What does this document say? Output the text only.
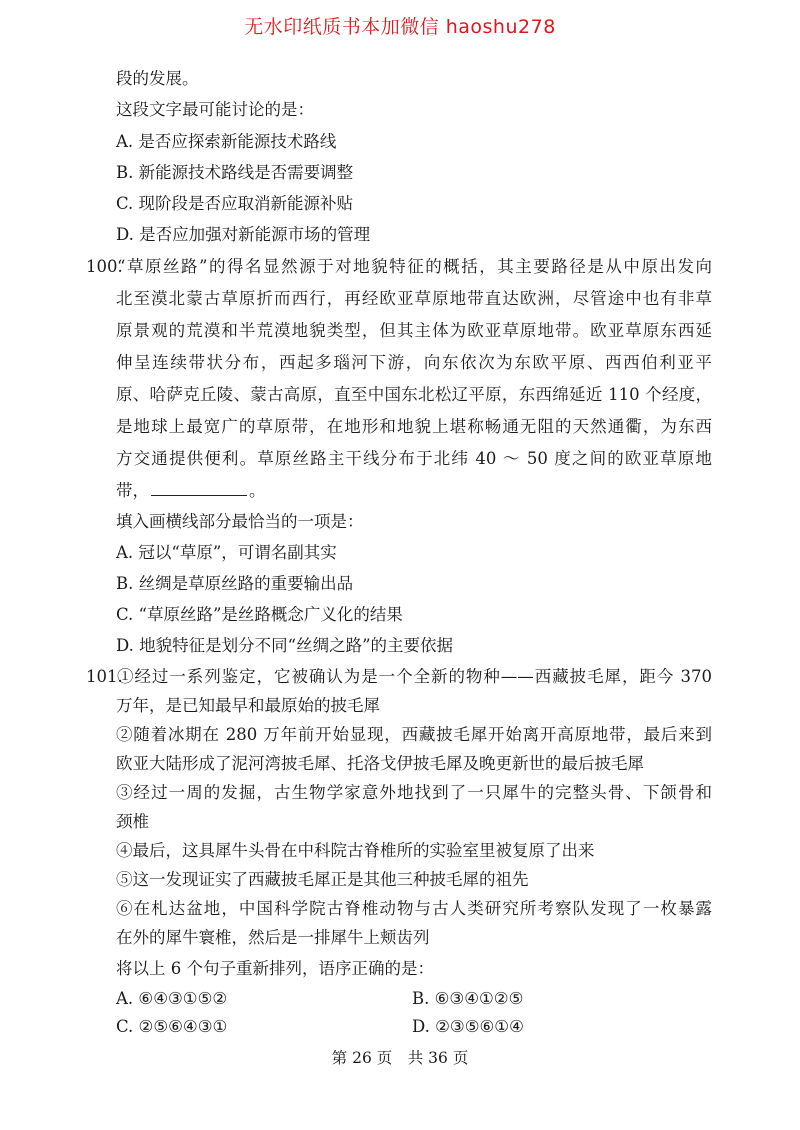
无水印纸质书本加微信 haoshu278
段的发展。
这段文字最可能讨论的是：
A. 是否应探索新能源技术路线
B. 新能源技术路线是否需要调整
C. 现阶段是否应取消新能源补贴
D. 是否应加强对新能源市场的管理
100.
“草原丝路”的得名显然源于对地貌特征的概括，其主要路径是从中原出发向
北至漠北蒙古草原折而西行，再经欧亚草原地带直达欧洲，尽管途中也有非草
原景观的荒漠和半荒漠地貌类型，但其主体为欧亚草原地带。欧亚草原东西延
伸呈连续带状分布，西起多瑙河下游，向东依次为东欧平原、西西伯利亚平
原、哈萨克丘陵、蒙古高原，直至中国东北松辽平原，东西绵延近 110 个经度，
是地球上最宽广的草原带，在地形和地貌上堪称畅通无阻的天然通衢，为东西
方交通提供便利。草原丝路主干线分布于北纬 40 ～ 50 度之间的欧亚草原地
带，	。
填入画横线部分最恰当的一项是：
A. 冠以“草原”，可谓名副其实
B. 丝绸是草原丝路的重要输出品
C. “草原丝路”是丝路概念广义化的结果
D. 地貌特征是划分不同“丝绸之路”的主要依据
101.
①经过一系列鉴定，它被确认为是一个全新的物种——西藏披毛犀，距今 370
万年，是已知最早和最原始的披毛犀
②随着冰期在 280 万年前开始显现，西藏披毛犀开始离开高原地带，最后来到
欧亚大陆形成了泥河湾披毛犀、托洛戈伊披毛犀及晚更新世的最后披毛犀
③经过一周的发掘，古生物学家意外地找到了一只犀牛的完整头骨、下颌骨和
颈椎
④最后，这具犀牛头骨在中科院古脊椎所的实验室里被复原了出来
⑤这一发现证实了西藏披毛犀正是其他三种披毛犀的祖先
⑥在札达盆地，中国科学院古脊椎动物与古人类研究所考察队发现了一枚暴露
在外的犀牛寰椎，然后是一排犀牛上颊齿列
将以上 6 个句子重新排列，语序正确的是：
A. ⑥④③①⑤②	B. ⑥③④①②⑤
第 26 页　共 36 页
C. ②⑤⑥④③①	D. ②③⑤⑥①④
